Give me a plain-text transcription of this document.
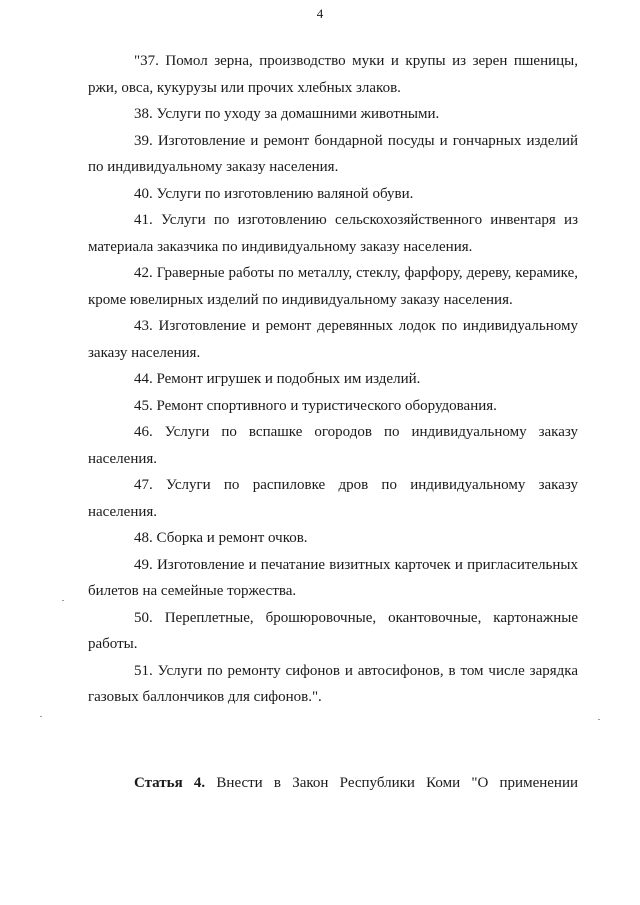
4

"37. Помол зерна, производство муки и крупы из зерен пшеницы, ржи, овса, кукурузы или прочих хлебных злаков.

38. Услуги по уходу за домашними животными.

39. Изготовление и ремонт бондарной посуды и гончарных изделий по индивидуальному заказу населения.

40. Услуги по изготовлению валяной обуви.

41. Услуги по изготовлению сельскохозяйственного инвентаря из материала заказчика по индивидуальному заказу населения.

42. Граверные работы по металлу, стеклу, фарфору, дереву, керамике, кроме ювелирных изделий по индивидуальному заказу населения.

43. Изготовление и ремонт деревянных лодок по индивидуальному заказу населения.

44. Ремонт игрушек и подобных им изделий.

45. Ремонт спортивного и туристического оборудования.

46. Услуги по вспашке огородов по индивидуальному заказу населения.

47. Услуги по распиловке дров по индивидуальному заказу населения.

48. Сборка и ремонт очков.

49. Изготовление и печатание визитных карточек и пригласительных билетов на семейные торжества.

50. Переплетные, брошюровочные, окантовочные, картонажные работы.

51. Услуги по ремонту сифонов и автосифонов, в том числе зарядка газовых баллончиков для сифонов.".

Статья 4. Внести в Закон Республики Коми "О применении
